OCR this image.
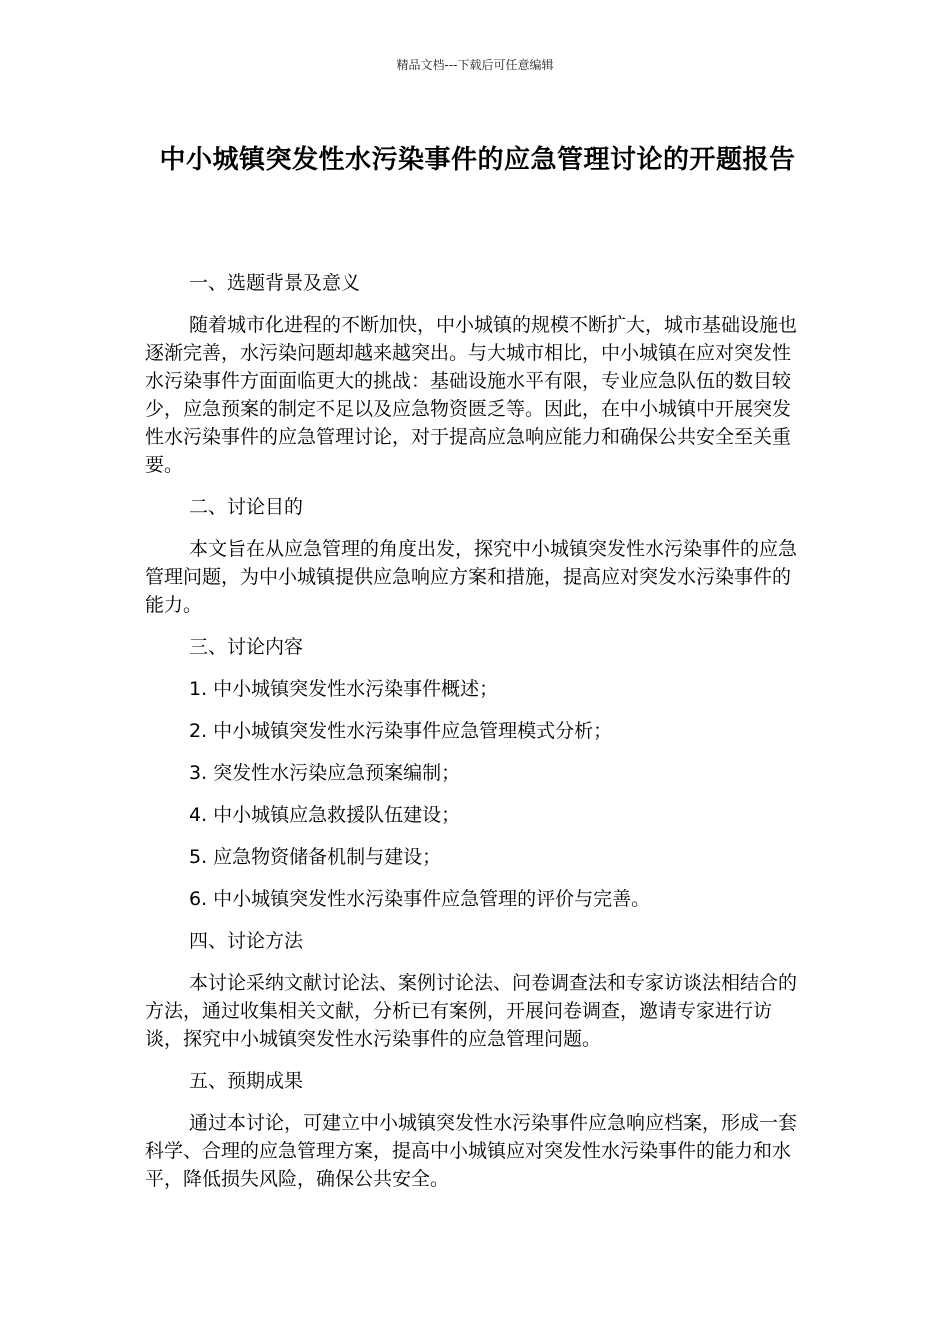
精品文档---下载后可任意编辑
中小城镇突发性水污染事件的应急管理讨论的开题报告

一、选题背景及意义

随着城市化进程的不断加快，中小城镇的规模不断扩大，城市基础设施也逐渐完善，水污染问题却越来越突出。与大城市相比，中小城镇在应对突发性水污染事件方面面临更大的挑战：基础设施水平有限，专业应急队伍的数目较少，应急预案的制定不足以及应急物资匮乏等。因此，在中小城镇中开展突发性水污染事件的应急管理讨论，对于提高应急响应能力和确保公共安全至关重要。

二、讨论目的

本文旨在从应急管理的角度出发，探究中小城镇突发性水污染事件的应急管理问题，为中小城镇提供应急响应方案和措施，提高应对突发水污染事件的能力。

三、讨论内容

1. 中小城镇突发性水污染事件概述；

2. 中小城镇突发性水污染事件应急管理模式分析；

3. 突发性水污染应急预案编制；

4. 中小城镇应急救援队伍建设；

5. 应急物资储备机制与建设；

6. 中小城镇突发性水污染事件应急管理的评价与完善。

四、讨论方法

本讨论采纳文献讨论法、案例讨论法、问卷调查法和专家访谈法相结合的方法，通过收集相关文献，分析已有案例，开展问卷调查，邀请专家进行访谈，探究中小城镇突发性水污染事件的应急管理问题。

五、预期成果

通过本讨论，可建立中小城镇突发性水污染事件应急响应档案，形成一套科学、合理的应急管理方案，提高中小城镇应对突发性水污染事件的能力和水平，降低损失风险，确保公共安全。
